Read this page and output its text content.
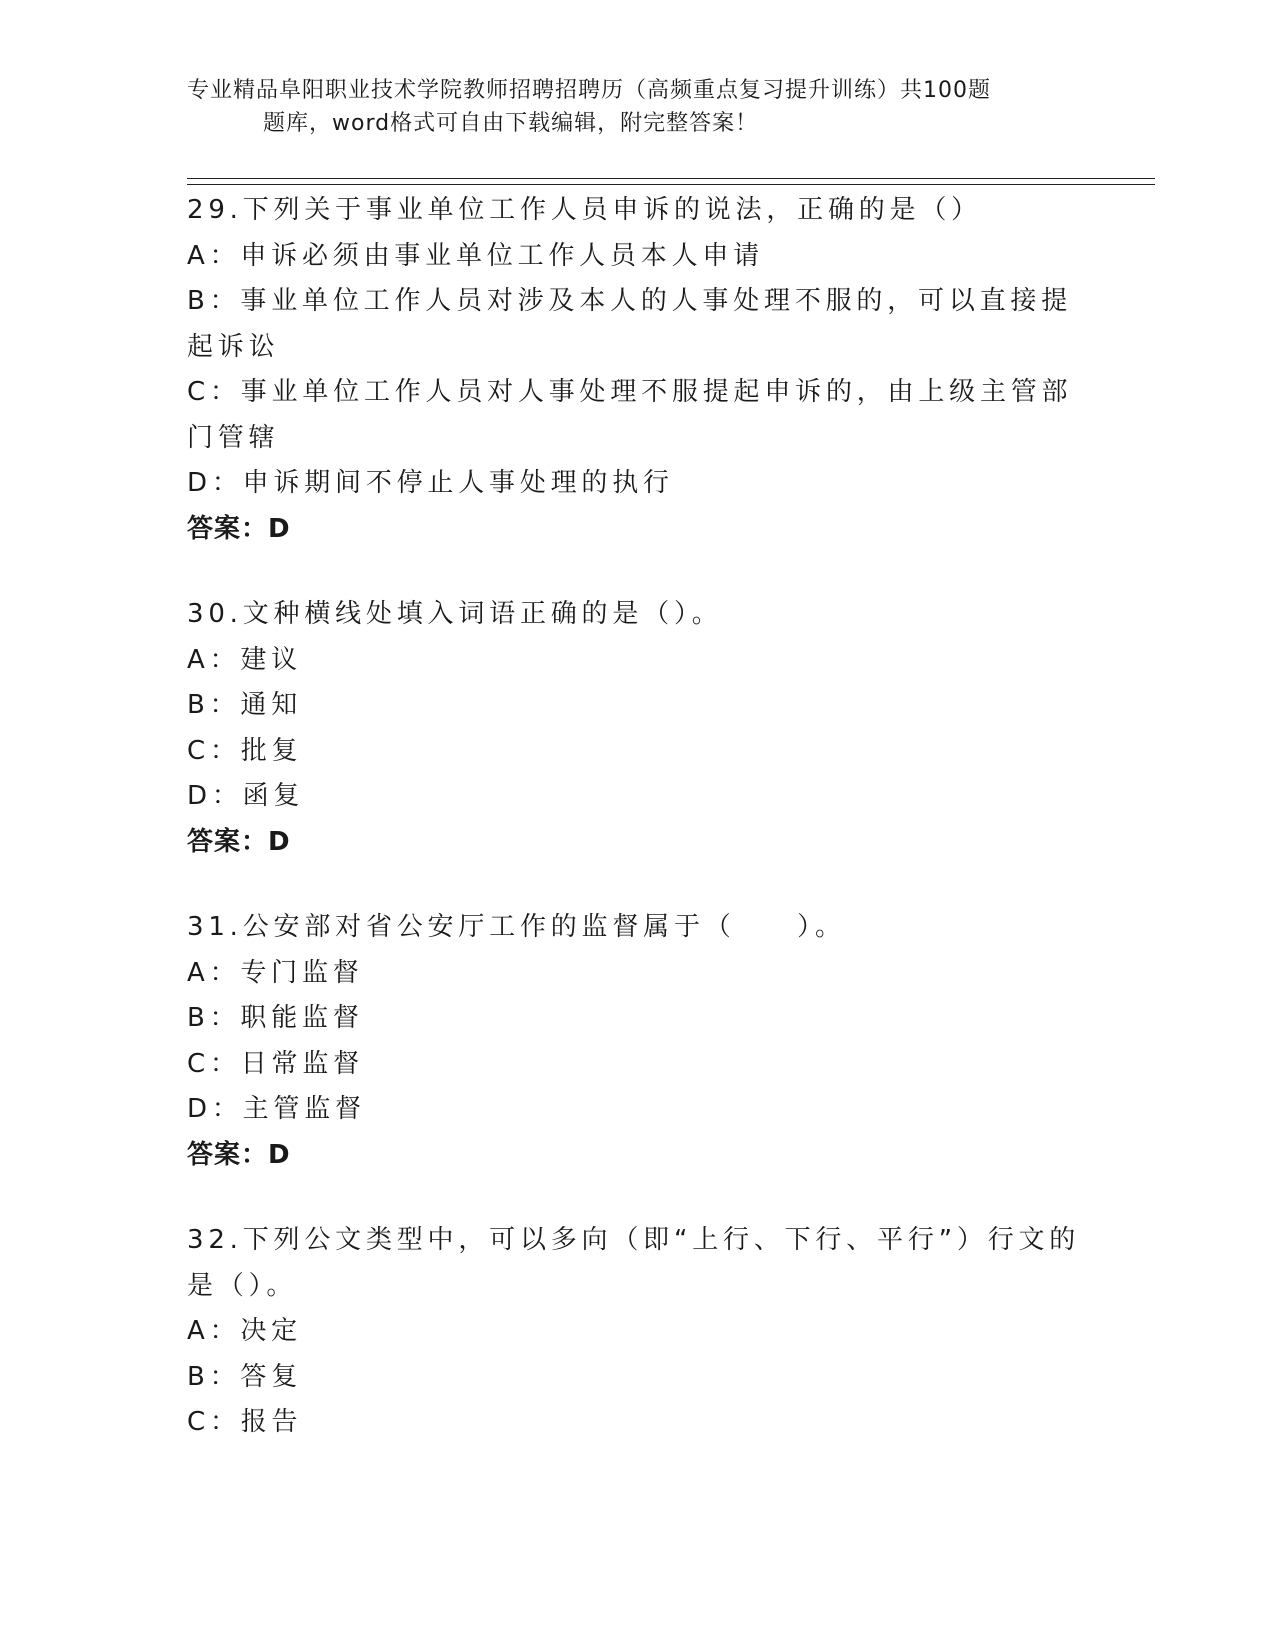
专业精品阜阳职业技术学院教师招聘招聘历（高频重点复习提升训练）共100题
题库，word格式可自由下载编辑，附完整答案！
29.下列关于事业单位工作人员申诉的说法，正确的是（）
A：申诉必须由事业单位工作人员本人申请
B：事业单位工作人员对涉及本人的人事处理不服的，可以直接提起诉讼
C：事业单位工作人员对人事处理不服提起申诉的，由上级主管部门管辖
D：申诉期间不停止人事处理的执行
答案：D
30.文种横线处填入词语正确的是（）。
A：建议
B：通知
C：批复
D：函复
答案：D
31.公安部对省公安厅工作的监督属于（　　）。
A：专门监督
B：职能监督
C：日常监督
D：主管监督
答案：D
32.下列公文类型中，可以多向（即“上行、下行、平行”）行文的是（）。
A：决定
B：答复
C：报告
